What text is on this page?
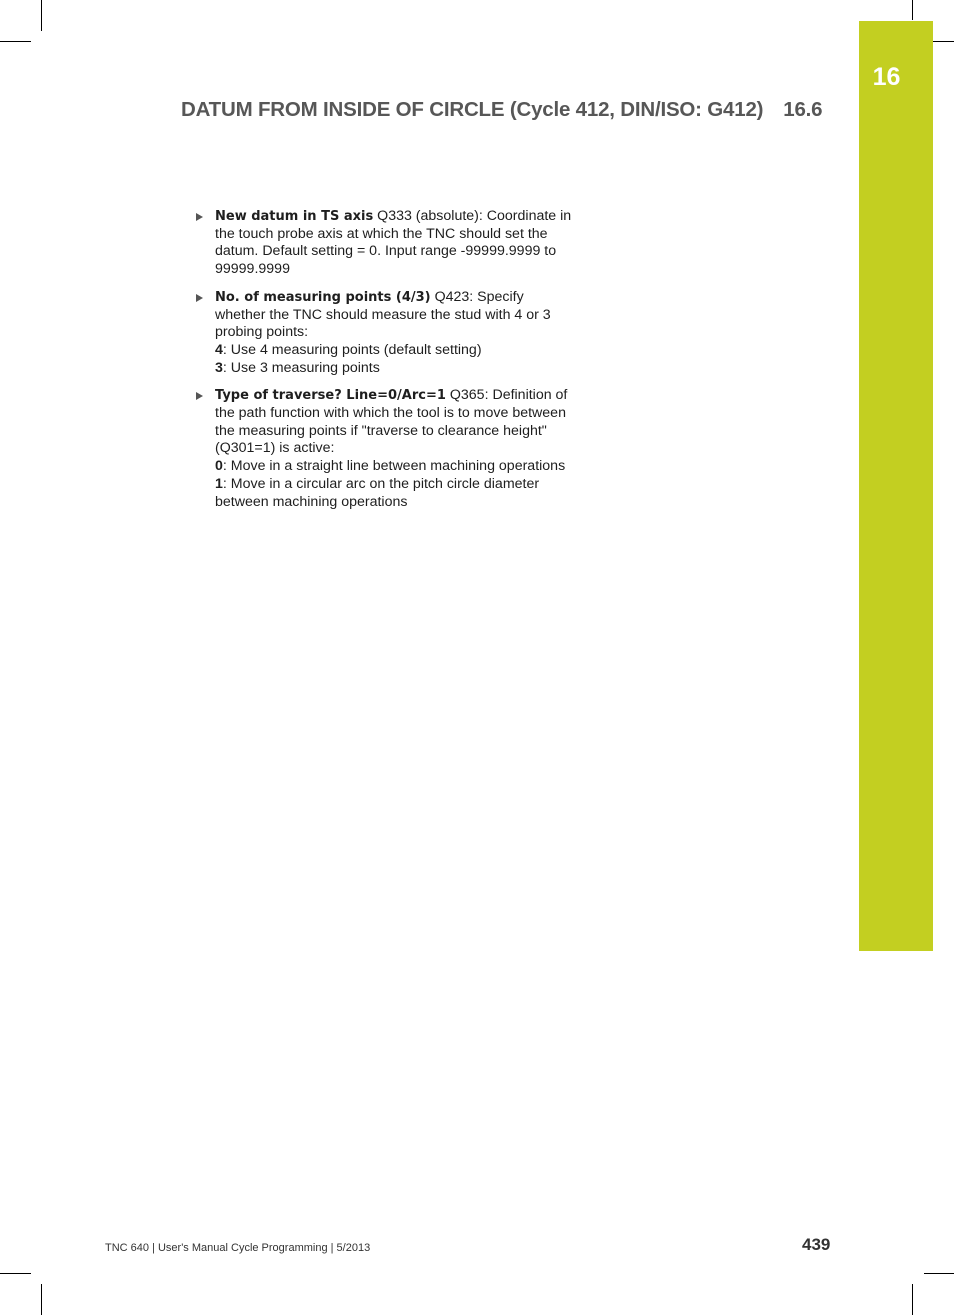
16
DATUM FROM INSIDE OF CIRCLE (Cycle 412, DIN/ISO: G412) 16.6
New datum in TS axis Q333 (absolute): Coordinate in the touch probe axis at which the TNC should set the datum. Default setting = 0. Input range -99999.9999 to 99999.9999
No. of measuring points (4/3) Q423: Specify whether the TNC should measure the stud with 4 or 3 probing points:
4: Use 4 measuring points (default setting)
3: Use 3 measuring points
Type of traverse? Line=0/Arc=1 Q365: Definition of the path function with which the tool is to move between the measuring points if "traverse to clearance height" (Q301=1) is active:
0: Move in a straight line between machining operations
1: Move in a circular arc on the pitch circle diameter between machining operations
TNC 640 | User's Manual Cycle Programming | 5/2013	439
